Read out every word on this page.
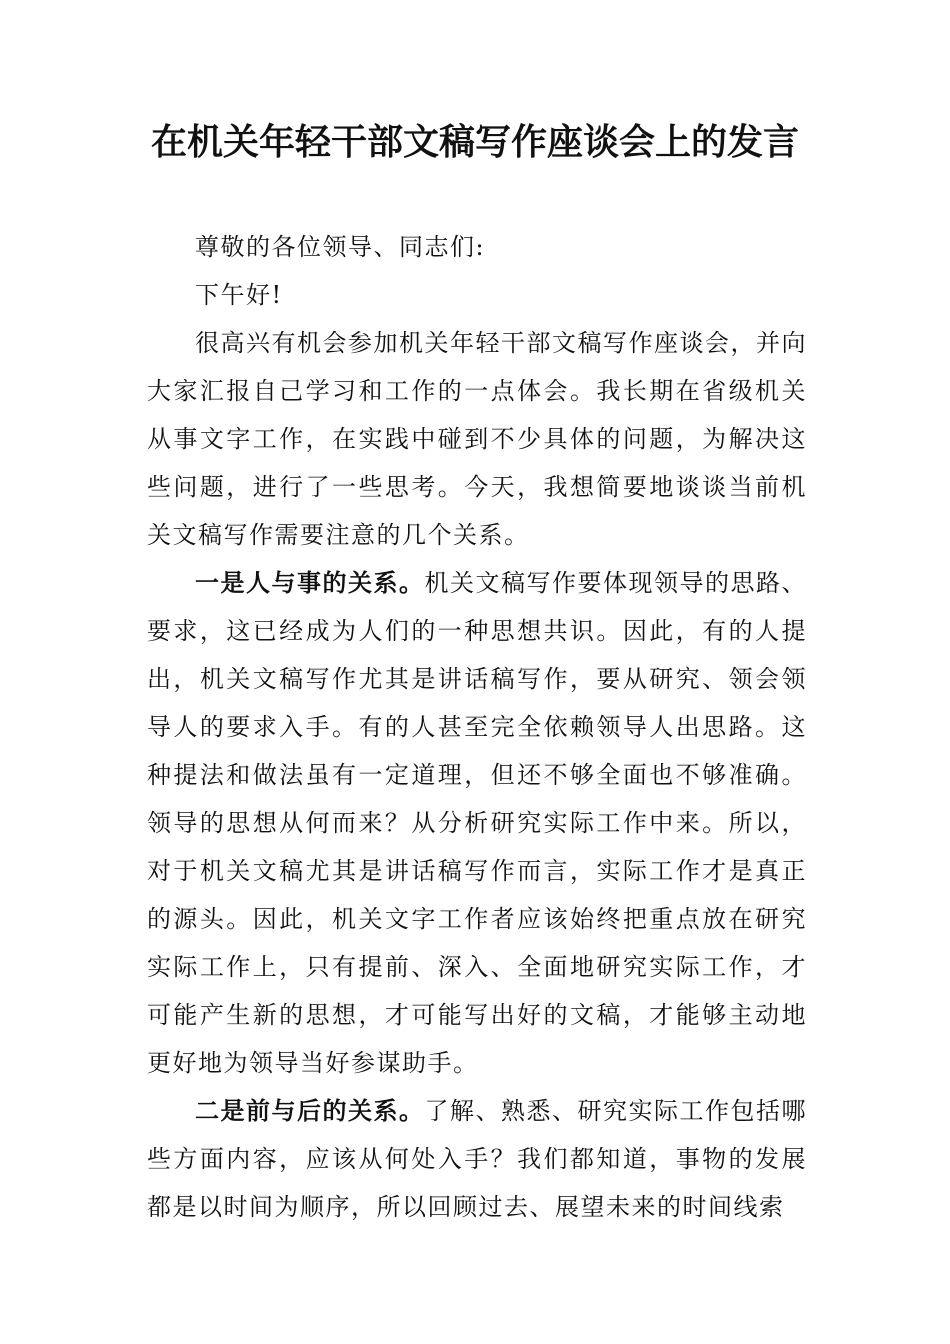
在机关年轻干部文稿写作座谈会上的发言

尊敬的各位领导、同志们:

下午好!

很高兴有机会参加机关年轻干部文稿写作座谈会，并向大家汇报自己学习和工作的一点体会。我长期在省级机关从事文字工作，在实践中碰到不少具体的问题，为解决这些问题，进行了一些思考。今天，我想简要地谈谈当前机关文稿写作需要注意的几个关系。

一是人与事的关系。机关文稿写作要体现领导的思路、要求，这已经成为人们的一种思想共识。因此，有的人提出，机关文稿写作尤其是讲话稿写作，要从研究、领会领导人的要求入手。有的人甚至完全依赖领导人出思路。这种提法和做法虽有一定道理，但还不够全面也不够准确。领导的思想从何而来？从分析研究实际工作中来。所以，对于机关文稿尤其是讲话稿写作而言，实际工作才是真正的源头。因此，机关文字工作者应该始终把重点放在研究实际工作上，只有提前、深入、全面地研究实际工作，才可能产生新的思想，才可能写出好的文稿，才能够主动地更好地为领导当好参谋助手。

二是前与后的关系。了解、熟悉、研究实际工作包括哪些方面内容，应该从何处入手？我们都知道，事物的发展都是以时间为顺序，所以回顾过去、展望未来的时间线索
